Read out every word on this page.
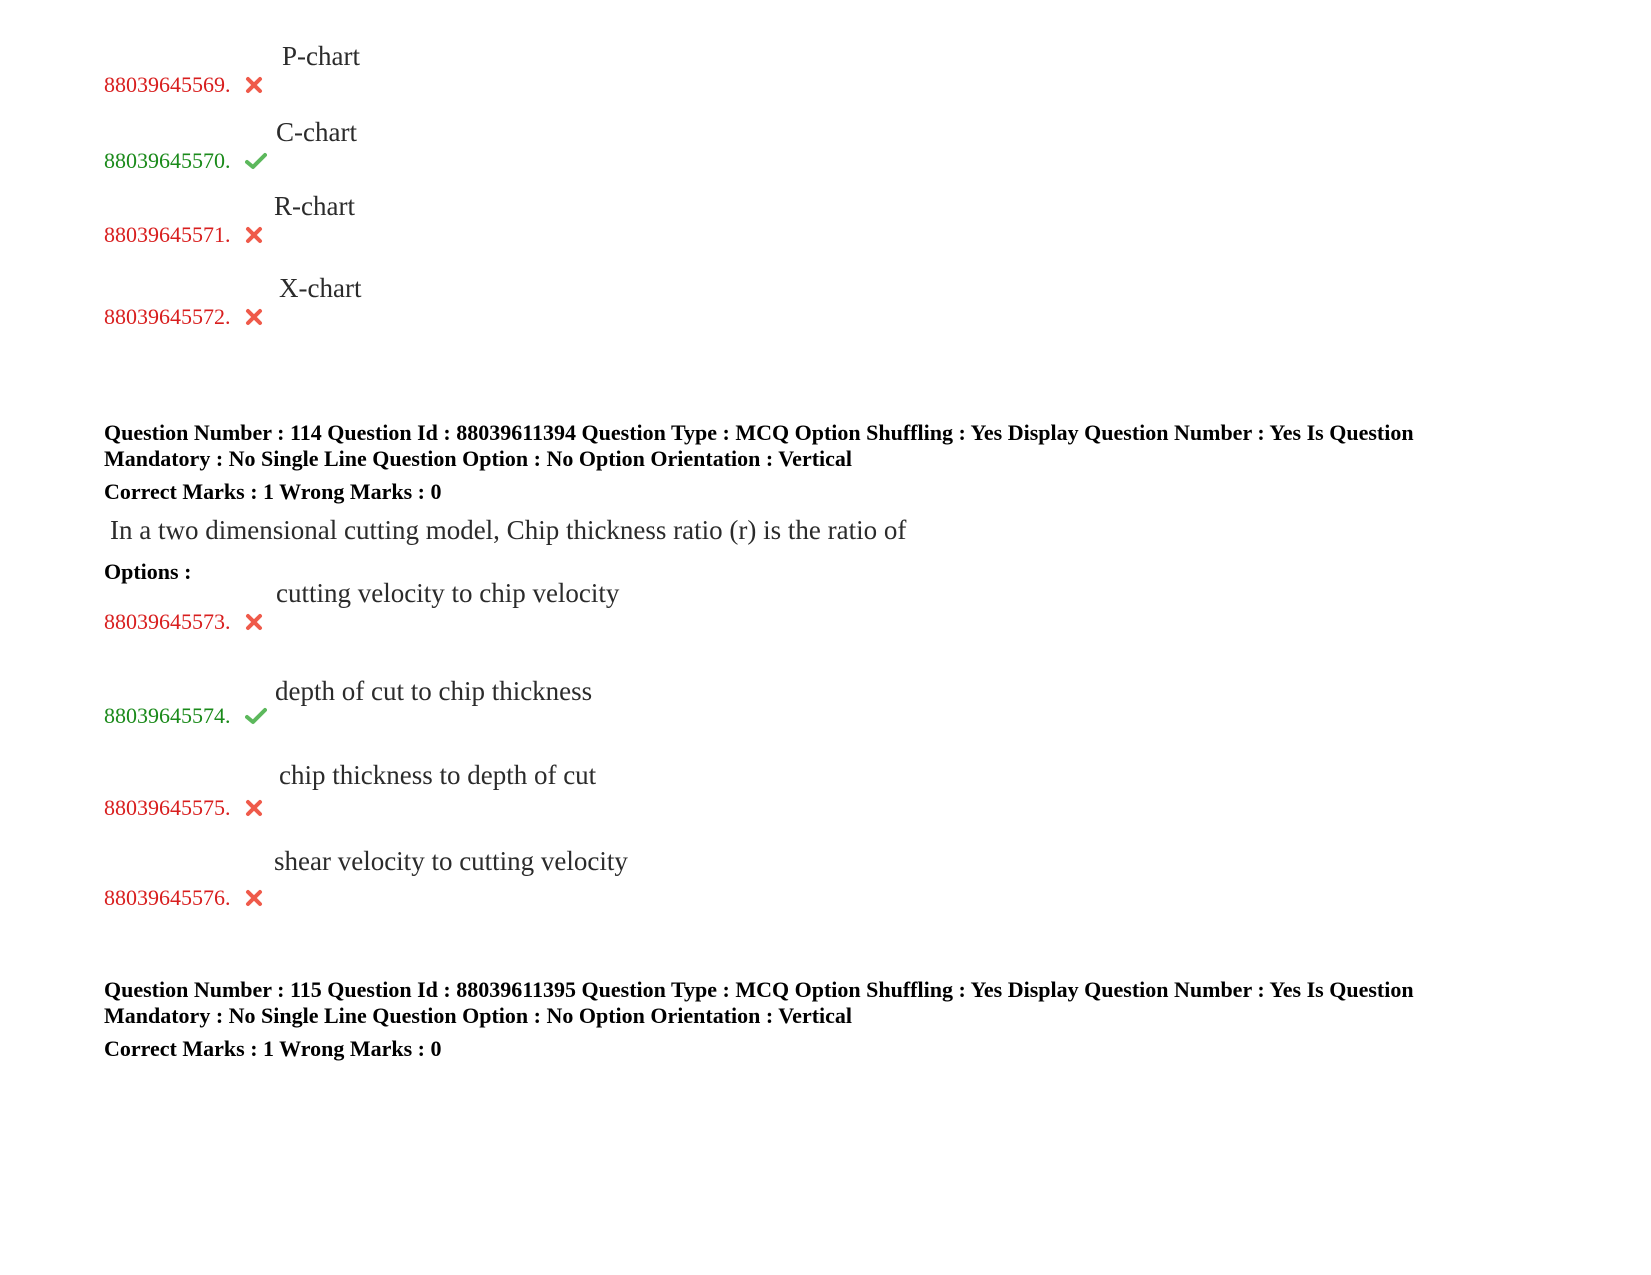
88039645569.
P-chart
88039645570.
C-chart
88039645571.
R-chart
88039645572.
X-chart
Question Number : 114 Question Id : 88039611394 Question Type : MCQ Option Shuffling : Yes Display Question Number : Yes Is Question Mandatory : No Single Line Question Option : No Option Orientation : Vertical
Correct Marks : 1 Wrong Marks : 0
In a two dimensional cutting model, Chip thickness ratio (r) is the ratio of
Options :
88039645573.
cutting velocity to chip velocity
88039645574.
depth of cut to chip thickness
88039645575.
chip thickness to depth of cut
88039645576.
shear velocity to cutting velocity
Question Number : 115 Question Id : 88039611395 Question Type : MCQ Option Shuffling : Yes Display Question Number : Yes Is Question Mandatory : No Single Line Question Option : No Option Orientation : Vertical
Correct Marks : 1 Wrong Marks : 0
